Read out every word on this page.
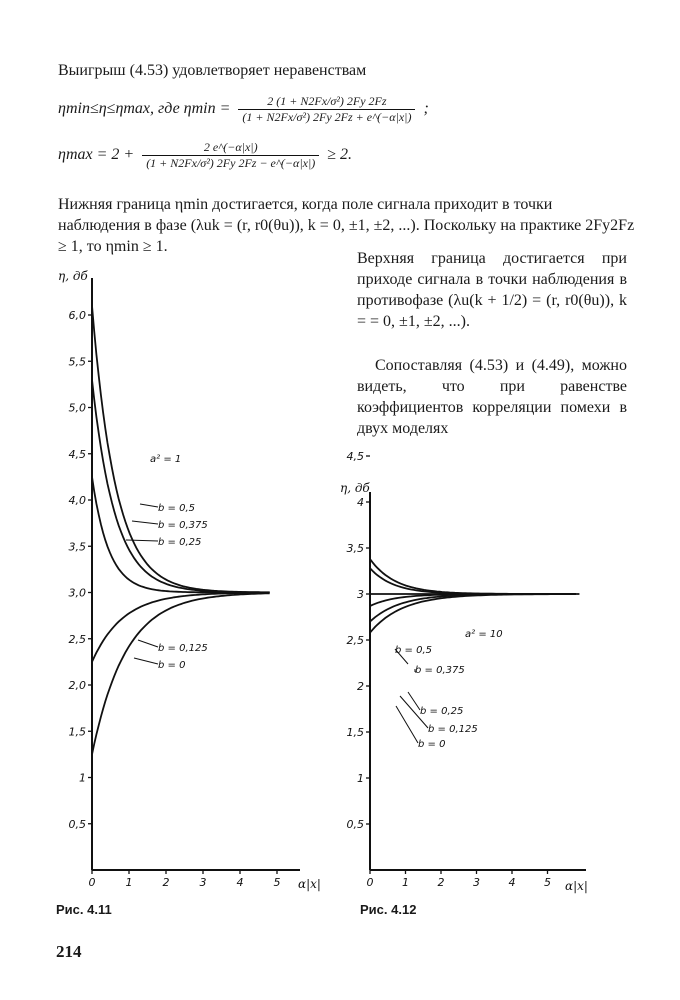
Выигрыш (4.53) удовлетворяет неравенствам
ηmin≤η≤ηmax, где $\eta\min = \frac{\text{2 (1 + N2Fx/σ²) 2Fy 2Fz}}{\text{(1 + N2Fx/σ²) 2Fy 2Fz + e\textasciicircum{}(−α|x|)}}$ ;
$\eta\max = 2 + \frac{2 e\^{}(-\alpha|x|)}{\text{(1 + N2Fx/σ²) 2Fy 2Fz − e\textasciicircum{}(−α|x|)}} \ge 2$.
Нижняя граница ηmin достигается, когда поле сигнала приходит в точки наблюдения в фазе (λuk = (r, r0(θu)), k = 0, ±1, ±2, ...). Поскольку на практике 2Fy2Fz ≥ 1, то ηmin ≥ 1.
Верхняя граница достигается при приходе сигнала в точки наблюдения в противофазе (λu(k + 1/2) = (r, r0(θu)), k = = 0, ±1, ±2, ...).
Сопоставляя (4.53) и (4.49), можно видеть, что при равенстве коэффициентов корреляции помехи в двух моделях
η, дб
α|x|
0,5
1
1,5
2,0
2,5
3,0
3,5
4,0
4,5
5,0
5,5
6,0
0	1	2	3	4	5
a² = 1
b = 0,5
b = 0,375
b = 0,25
b = 0,125
b = 0
η, дб
α|x|
0,5
1
1,5
2
2,5
3
3,5
4
4,5
0	1	2	3	4	5
a² = 10
b = 0,5
b = 0,375
b = 0,25
b = 0,125
b = 0
Рис. 4.11	Рис. 4.12
214
